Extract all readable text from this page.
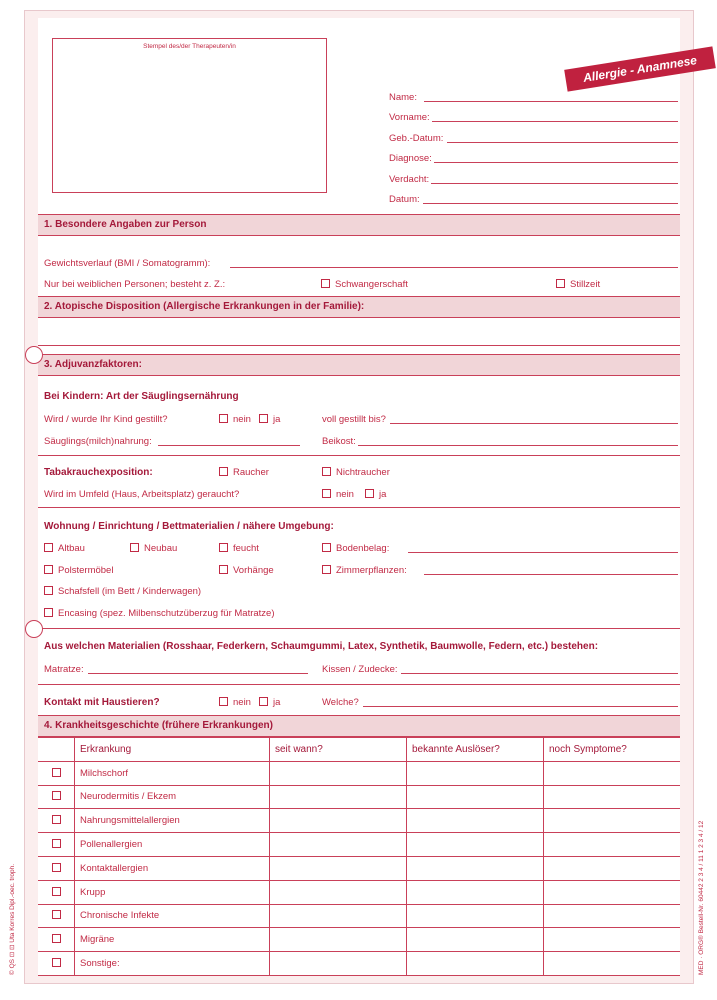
Stempel des/der Therapeuten/in
Allergie - Anamnese
Name:
Vorname:
Geb.-Datum:
Diagnose:
Verdacht:
Datum:
1. Besondere Angaben zur Person
Gewichtsverlauf (BMI / Somatogramm):
Nur bei weiblichen Personen; besteht z. Z.:	Schwangerschaft	Stillzeit
2. Atopische Disposition (Allergische Erkrankungen in der Familie):
3. Adjuvanzfaktoren:
Bei Kindern: Art der Säuglingsernährung
Wird / wurde Ihr Kind gestillt?	nein	ja	voll gestillt bis?
Säuglings(milch)nahrung:	Beikost:
Tabakrauchexposition:	Raucher	Nichtraucher
Wird im Umfeld (Haus, Arbeitsplatz) geraucht?	nein	ja
Wohnung / Einrichtung / Bettmaterialien / nähere Umgebung:
Altbau	Neubau	feucht	Bodenbelag:
Polstermöbel	Vorhänge	Zimmerpflanzen:
Schafsfell (im Bett / Kinderwagen)
Encasing (spez. Milbenschutzüberzug für Matratze)
Aus welchen Materialien (Rosshaar, Federkern, Schaumgummi, Latex, Synthetik, Baumwolle, Federn, etc.) bestehen:
Matratze:	Kissen / Zudecke:
Kontakt mit Haustieren?	nein	ja	Welche?
4. Krankheitsgeschichte (frühere Erkrankungen)
	Erkrankung	seit wann?	bekannte Auslöser?	noch Symptome?
	Milchschorf			
	Neurodermitis / Ekzem			
	Nahrungsmittelallergien			
	Pollenallergien			
	Kontaktallergien			
	Krupp			
	Chronische Infekte			
	Migräne			
	Sonstige:			
© QS ⊡ ⊡ Uta Korres Dipl.-oec. troph.	MED · ORG® Bestell-Nr. 60442 2 3 4 / 11 1 2 3 4 / 12
